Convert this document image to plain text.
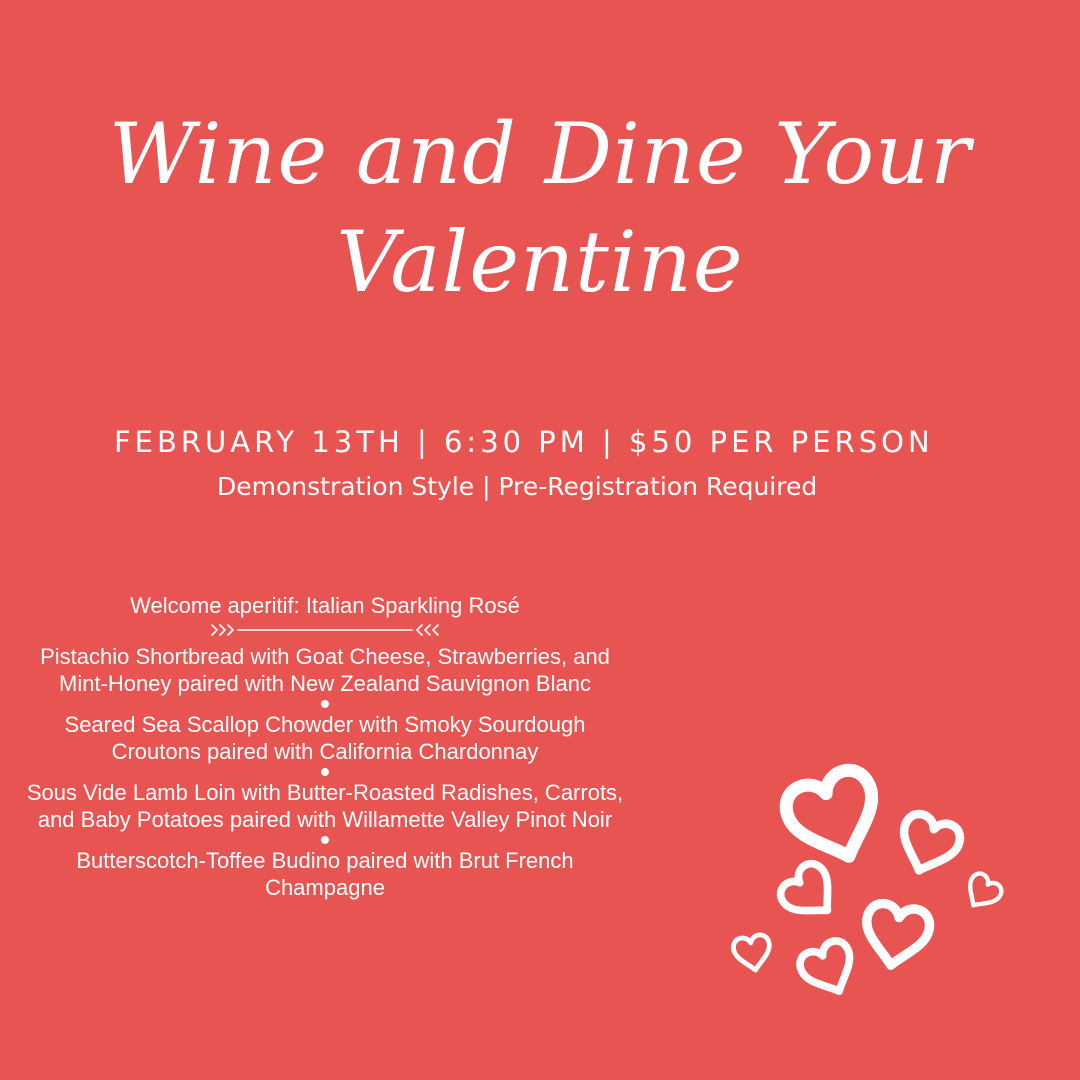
Wine and Dine Your
Valentine
FEBRUARY 13TH | 6:30 PM | $50 PER PERSON
Demonstration Style | Pre-Registration Required
Welcome aperitif: Italian Sparkling Rosé
Pistachio Shortbread with Goat Cheese, Strawberries, and Mint-Honey paired with New Zealand Sauvignon Blanc
Seared Sea Scallop Chowder with Smoky Sourdough Croutons paired with California Chardonnay
Sous Vide Lamb Loin with Butter-Roasted Radishes, Carrots, and Baby Potatoes paired with Willamette Valley Pinot Noir
Butterscotch-Toffee Budino paired with Brut French Champagne
